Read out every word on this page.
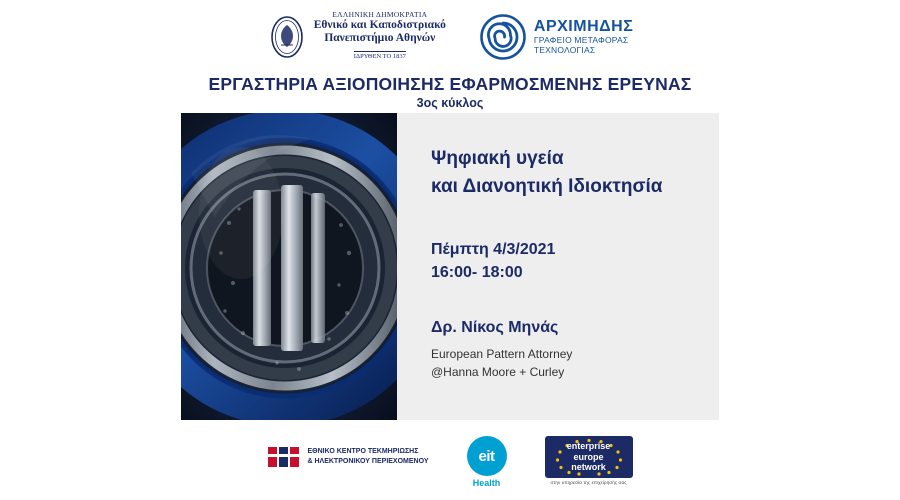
ΕΛΛΗΝΙΚΗ ΔΗΜΟΚΡΑΤΙΑ
Εθνικό και Καποδιστριακό
Πανεπιστήμιο Αθηνών
ΙΔΡΥΘΕΝ ΤΟ 1837
ΑΡΧΙΜΗΔΗΣ
ΓΡΑΦΕΙΟ ΜΕΤΑΦΟΡΑΣ
ΤΕΧΝΟΛΟΓΙΑΣ
ΕΡΓΑΣΤΗΡΙΑ ΑΞΙΟΠΟΙΗΣΗΣ ΕΦΑΡΜΟΣΜΕΝΗΣ ΕΡΕΥΝΑΣ
3ος κύκλος
Ψηφιακή υγεία
και Διανοητική Ιδιοκτησία
Πέμπτη 4/3/2021
16:00- 18:00
Δρ. Νίκος Μηνάς
European Pattern Attorney
@Hanna Moore + Curley
ΕΘΝΙΚΟ ΚΕΝΤΡΟ ΤΕΚΜΗΡΙΩΣΗΣ
& ΗΛΕΚΤΡΟΝΙΚΟΥ ΠΕΡΙΕΧΟΜΕΝΟΥ	eit
Health
enterprise
europe
network
στην υπηρεσία της επιχείρησής σας
